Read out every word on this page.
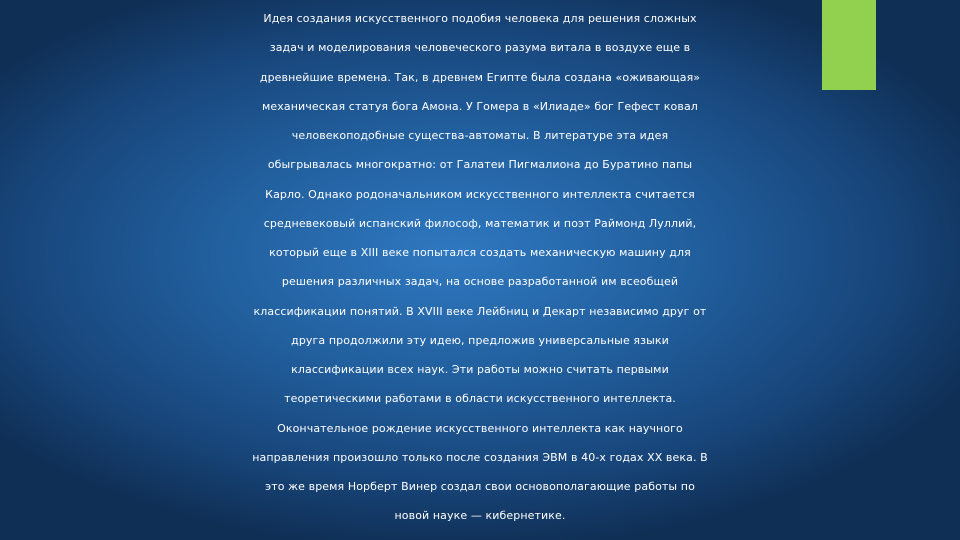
Идея создания искусственного подобия человека для решения сложных
задач и моделирования человеческого разума витала в воздухе еще в
древнейшие времена. Так, в древнем Египте была создана «оживающая»
механическая статуя бога Амона. У Гомера в «Илиаде» бог Гефест ковал
человекоподобные существа-автоматы. В литературе эта идея
обыгрывалась многократно: от Галатеи Пигмалиона до Буратино папы
Карло. Однако родоначальником искусственного интеллекта считается
средневековый испанский философ, математик и поэт Раймонд Луллий,
который еще в XIII веке попытался создать механическую машину для
решения различных задач, на основе разработанной им всеобщей
классификации понятий. В XVIII веке Лейбниц и Декарт независимо друг от
друга продолжили эту идею, предложив универсальные языки
классификации всех наук. Эти работы можно считать первыми
теоретическими работами в области искусственного интеллекта.
Окончательное рождение искусственного интеллекта как научного
направления произошло только после создания ЭВМ в 40-х годах XX века. В
это же время Норберт Винер создал свои основополагающие работы по
новой науке — кибернетике.
